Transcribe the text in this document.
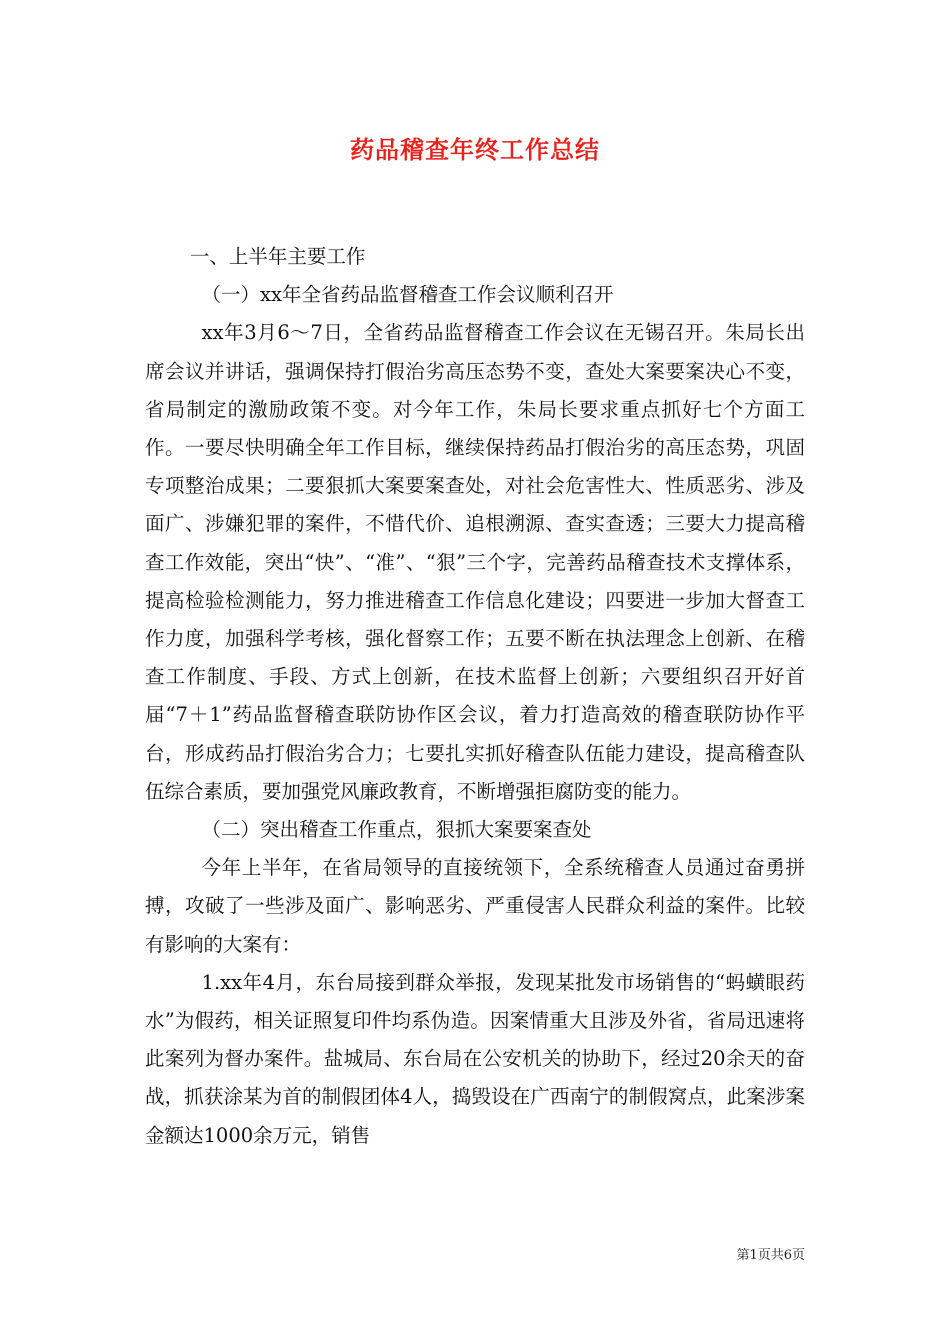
药品稽查年终工作总结

一、上半年主要工作

（一）xx年全省药品监督稽查工作会议顺利召开

xx年3月6～7日，全省药品监督稽查工作会议在无锡召开。朱局长出席会议并讲话，强调保持打假治劣高压态势不变，查处大案要案决心不变，省局制定的激励政策不变。对今年工作，朱局长要求重点抓好七个方面工作。一要尽快明确全年工作目标，继续保持药品打假治劣的高压态势，巩固专项整治成果；二要狠抓大案要案查处，对社会危害性大、性质恶劣、涉及面广、涉嫌犯罪的案件，不惜代价、追根溯源、查实查透；三要大力提高稽查工作效能，突出“快”、“准”、“狠”三个字，完善药品稽查技术支撑体系，提高检验检测能力，努力推进稽查工作信息化建设；四要进一步加大督查工作力度，加强科学考核，强化督察工作；五要不断在执法理念上创新、在稽查工作制度、手段、方式上创新，在技术监督上创新；六要组织召开好首届“7＋1”药品监督稽查联防协作区会议，着力打造高效的稽查联防协作平台，形成药品打假治劣合力；七要扎实抓好稽查队伍能力建设，提高稽查队伍综合素质，要加强党风廉政教育，不断增强拒腐防变的能力。

（二）突出稽查工作重点，狠抓大案要案查处

今年上半年，在省局领导的直接统领下，全系统稽查人员通过奋勇拼搏，攻破了一些涉及面广、影响恶劣、严重侵害人民群众利益的案件。比较有影响的大案有：

1.xx年4月，东台局接到群众举报，发现某批发市场销售的“蚂蟥眼药水”为假药，相关证照复印件均系伪造。因案情重大且涉及外省，省局迅速将此案列为督办案件。盐城局、东台局在公安机关的协助下，经过20余天的奋战，抓获涂某为首的制假团体4人，捣毁设在广西南宁的制假窝点，此案涉案金额达1000余万元，销售

第1页共6页
